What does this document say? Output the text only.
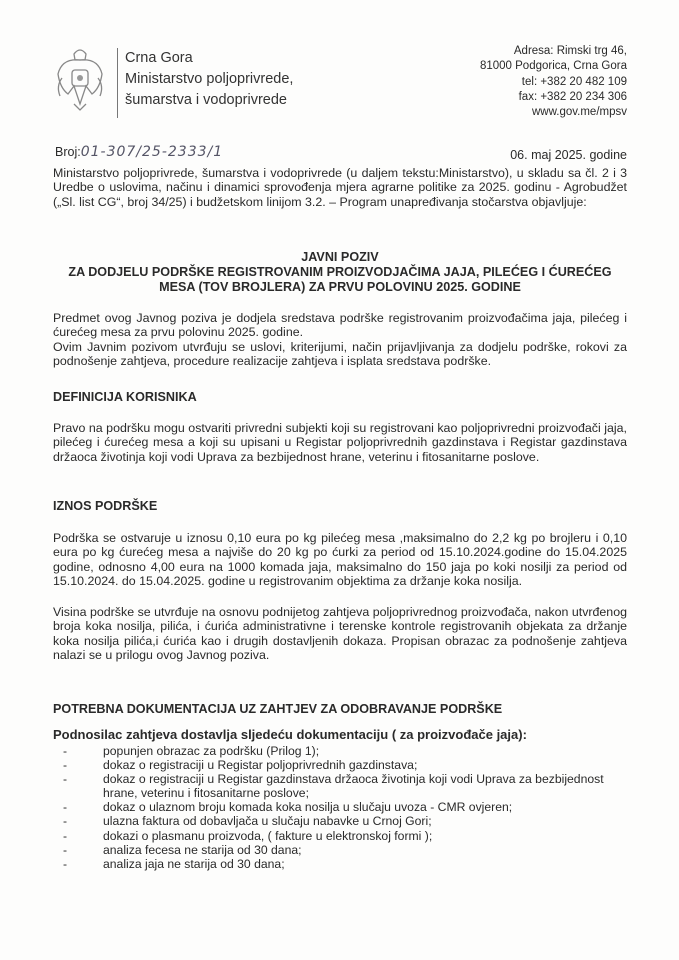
Crna Gora
Ministarstvo poljoprivrede,
šumarstva i vodoprivrede
Adresa: Rimski trg 46,
81000 Podgorica, Crna Gora
tel: +382 20 482 109
fax: +382 20 234 306
www.gov.me/mpsv
Broj:01-307/25-2333/1	06. maj 2025. godine
Ministarstvo poljoprivrede, šumarstva i vodoprivrede (u daljem tekstu:Ministarstvo), u skladu sa čl. 2 i 3 Uredbe o uslovima, načinu i dinamici sprovođenja mjera agrarne politike za 2025. godinu - Agrobudžet („Sl. list CG“, broj 34/25) i budžetskom linijom 3.2. – Program unapređivanja stočarstva objavljuje:
JAVNI POZIV
ZA DODJELU PODRŠKE REGISTROVANIM PROIZVODJAČIMA JAJA, PILEĆEG I ĆUREĆEG
MESA (TOV BROJLERA) ZA PRVU POLOVINU 2025. GODINE
Predmet ovog Javnog poziva je dodjela sredstava podrške registrovanim proizvođačima jaja, pilećeg i ćurećeg mesa za prvu polovinu 2025. godine.
Ovim Javnim pozivom utvrđuju se uslovi, kriterijumi, način prijavljivanja za dodjelu podrške, rokovi za podnošenje zahtjeva, procedure realizacije zahtjeva i isplata sredstava podrške.
DEFINICIJA KORISNIKA
Pravo na podršku mogu ostvariti privredni subjekti koji su registrovani kao poljoprivredni proizvođači jaja, pilećeg i ćurećeg mesa a koji su upisani u Registar poljoprivrednih gazdinstava i Registar gazdinstava držaoca životinja koji vodi Uprava za bezbijednost hrane, veterinu i fitosanitarne poslove.
IZNOS PODRŠKE
Podrška se ostvaruje u iznosu 0,10 eura po kg pilećeg mesa ,maksimalno do 2,2 kg po brojleru i 0,10 eura po kg ćurećeg mesa a najviše do 20 kg po ćurki za period od 15.10.2024.godine do 15.04.2025 godine, odnosno 4,00 eura na 1000 komada jaja, maksimalno do 150 jaja po koki nosilji za period od 15.10.2024. do 15.04.2025. godine u registrovanim objektima za držanje koka nosilja.
Visina podrške se utvrđuje na osnovu podnijetog zahtjeva poljoprivrednog proizvođača, nakon utvrđenog broja koka nosilja, pilića, i ćurića administrativne i terenske kontrole registrovanih objekata za držanje koka nosilja pilića,i ćurića kao i drugih dostavljenih dokaza. Propisan obrazac za podnošenje zahtjeva nalazi se u prilogu ovog Javnog poziva.
POTREBNA DOKUMENTACIJA UZ ZAHTJEV ZA ODOBRAVANJE PODRŠKE
Podnosilac zahtjeva dostavlja sljedeću dokumentaciju ( za proizvođače jaja):
- popunjen obrazac za podršku (Prilog 1);
- dokaz o registraciji u Registar poljoprivrednih gazdinstava;
- dokaz o registraciji u Registar gazdinstava držaoca životinja koji vodi Uprava za bezbijednost hrane, veterinu i fitosanitarne poslove;
- dokaz o ulaznom broju komada koka nosilja u slučaju uvoza - CMR ovjeren;
- ulazna faktura od dobavljača u slučaju nabavke u Crnoj Gori;
- dokazi o plasmanu proizvoda, ( fakture u elektronskoj formi );
- analiza fecesa ne starija od 30 dana;
- analiza jaja ne starija od 30 dana;
